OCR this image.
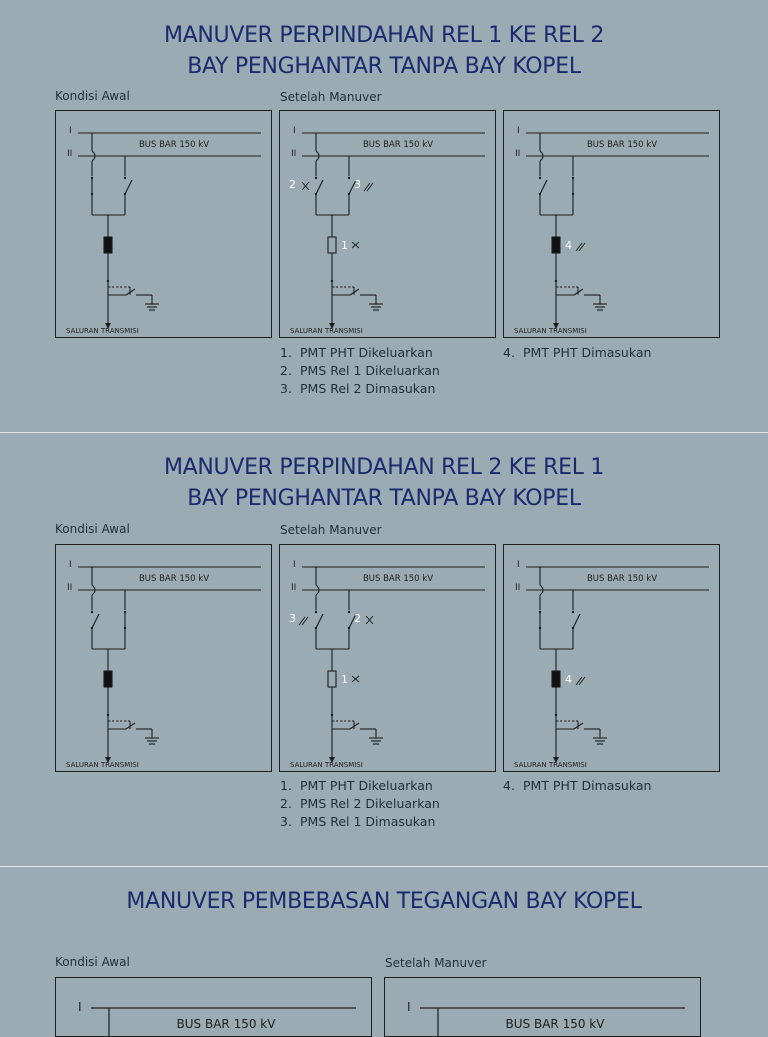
MANUVER PERPINDAHAN REL 1 KE REL 2
BAY PENGHANTAR TANPA BAY KOPEL
Kondisi Awal	Setelah Manuver
I
II
BUS BAR 150 kV
SALURAN TRANSMISI
I
II
BUS BAR 150 kV
SALURAN TRANSMISI
1
2	3
I
II
BUS BAR 150 kV
SALURAN TRANSMISI
4
1. PMT PHT Dikeluarkan
2. PMS Rel 1 Dikeluarkan
3. PMS Rel 2 Dimasukan
4. PMT PHT Dimasukan
MANUVER PERPINDAHAN REL 2 KE REL 1
BAY PENGHANTAR TANPA BAY KOPEL
Kondisi Awal	Setelah Manuver
I
II
BUS BAR 150 kV
SALURAN TRANSMISI
I
II
BUS BAR 150 kV
SALURAN TRANSMISI
1
3	2
I
II
BUS BAR 150 kV
SALURAN TRANSMISI
4
1. PMT PHT Dikeluarkan
2. PMS Rel 2 Dikeluarkan
3. PMS Rel 1 Dimasukan
4. PMT PHT Dimasukan
MANUVER PEMBEBASAN TEGANGAN BAY KOPEL
Kondisi Awal	Setelah Manuver
I
BUS BAR 150 kV
I
BUS BAR 150 kV
